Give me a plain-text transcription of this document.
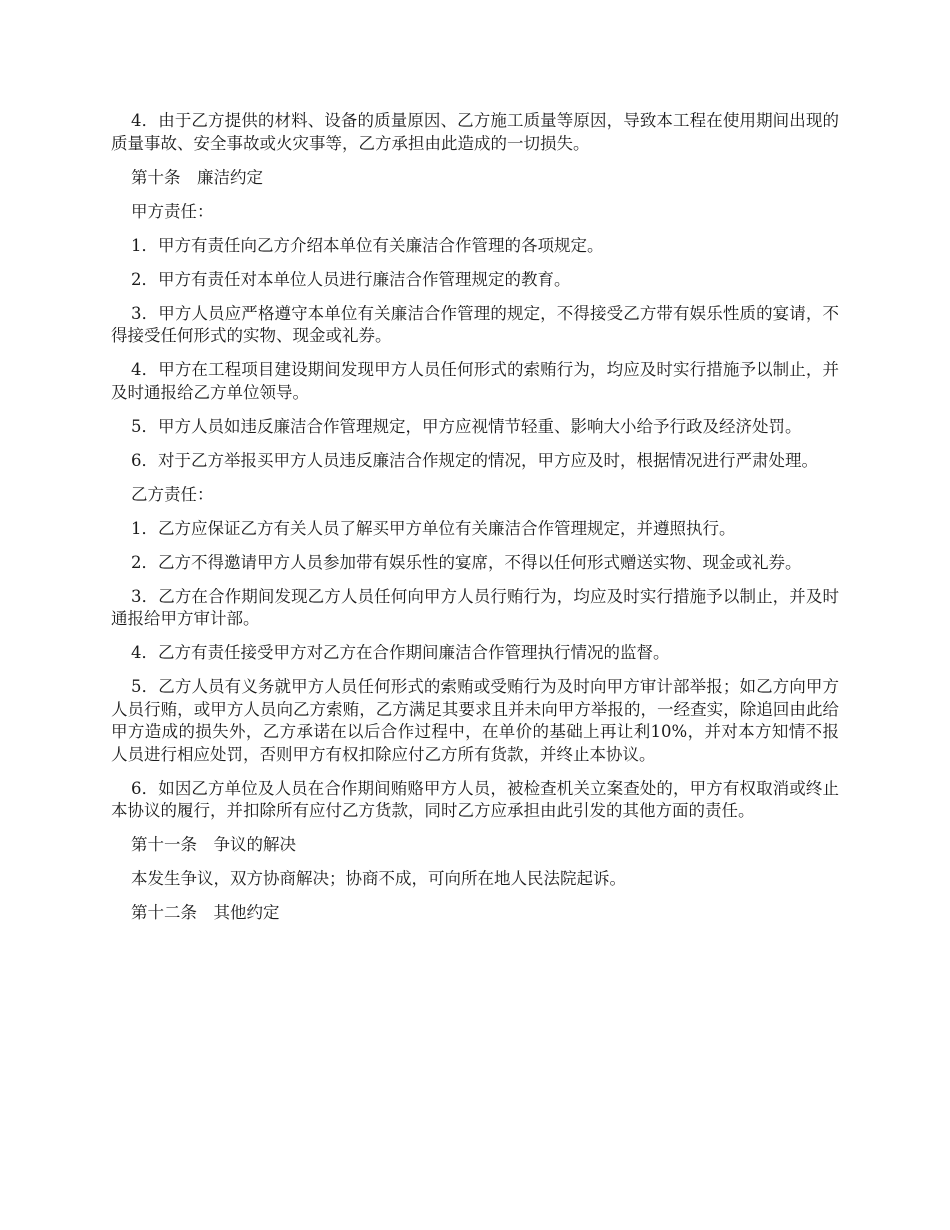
4．由于乙方提供的材料、设备的质量原因、乙方施工质量等原因，导致本工程在使用期间出现的质量事故、安全事故或火灾事等，乙方承担由此造成的一切损失。

第十条　廉洁约定

甲方责任：

1．甲方有责任向乙方介绍本单位有关廉洁合作管理的各项规定。

2．甲方有责任对本单位人员进行廉洁合作管理规定的教育。

3．甲方人员应严格遵守本单位有关廉洁合作管理的规定，不得接受乙方带有娱乐性质的宴请，不得接受任何形式的实物、现金或礼券。

4．甲方在工程项目建设期间发现甲方人员任何形式的索贿行为，均应及时实行措施予以制止，并及时通报给乙方单位领导。

5．甲方人员如违反廉洁合作管理规定，甲方应视情节轻重、影响大小给予行政及经济处罚。

6．对于乙方举报买甲方人员违反廉洁合作规定的情况，甲方应及时，根据情况进行严肃处理。

乙方责任：

1．乙方应保证乙方有关人员了解买甲方单位有关廉洁合作管理规定，并遵照执行。

2．乙方不得邀请甲方人员参加带有娱乐性的宴席，不得以任何形式赠送实物、现金或礼券。

3．乙方在合作期间发现乙方人员任何向甲方人员行贿行为，均应及时实行措施予以制止，并及时通报给甲方审计部。

4．乙方有责任接受甲方对乙方在合作期间廉洁合作管理执行情况的监督。

5．乙方人员有义务就甲方人员任何形式的索贿或受贿行为及时向甲方审计部举报；如乙方向甲方人员行贿，或甲方人员向乙方索贿，乙方满足其要求且并未向甲方举报的，一经查实，除追回由此给甲方造成的损失外，乙方承诺在以后合作过程中，在单价的基础上再让利10%，并对本方知情不报人员进行相应处罚，否则甲方有权扣除应付乙方所有货款，并终止本协议。

6．如因乙方单位及人员在合作期间贿赂甲方人员，被检查机关立案查处的，甲方有权取消或终止本协议的履行，并扣除所有应付乙方货款，同时乙方应承担由此引发的其他方面的责任。

第十一条　争议的解决

本发生争议，双方协商解决；协商不成，可向所在地人民法院起诉。

第十二条　其他约定
